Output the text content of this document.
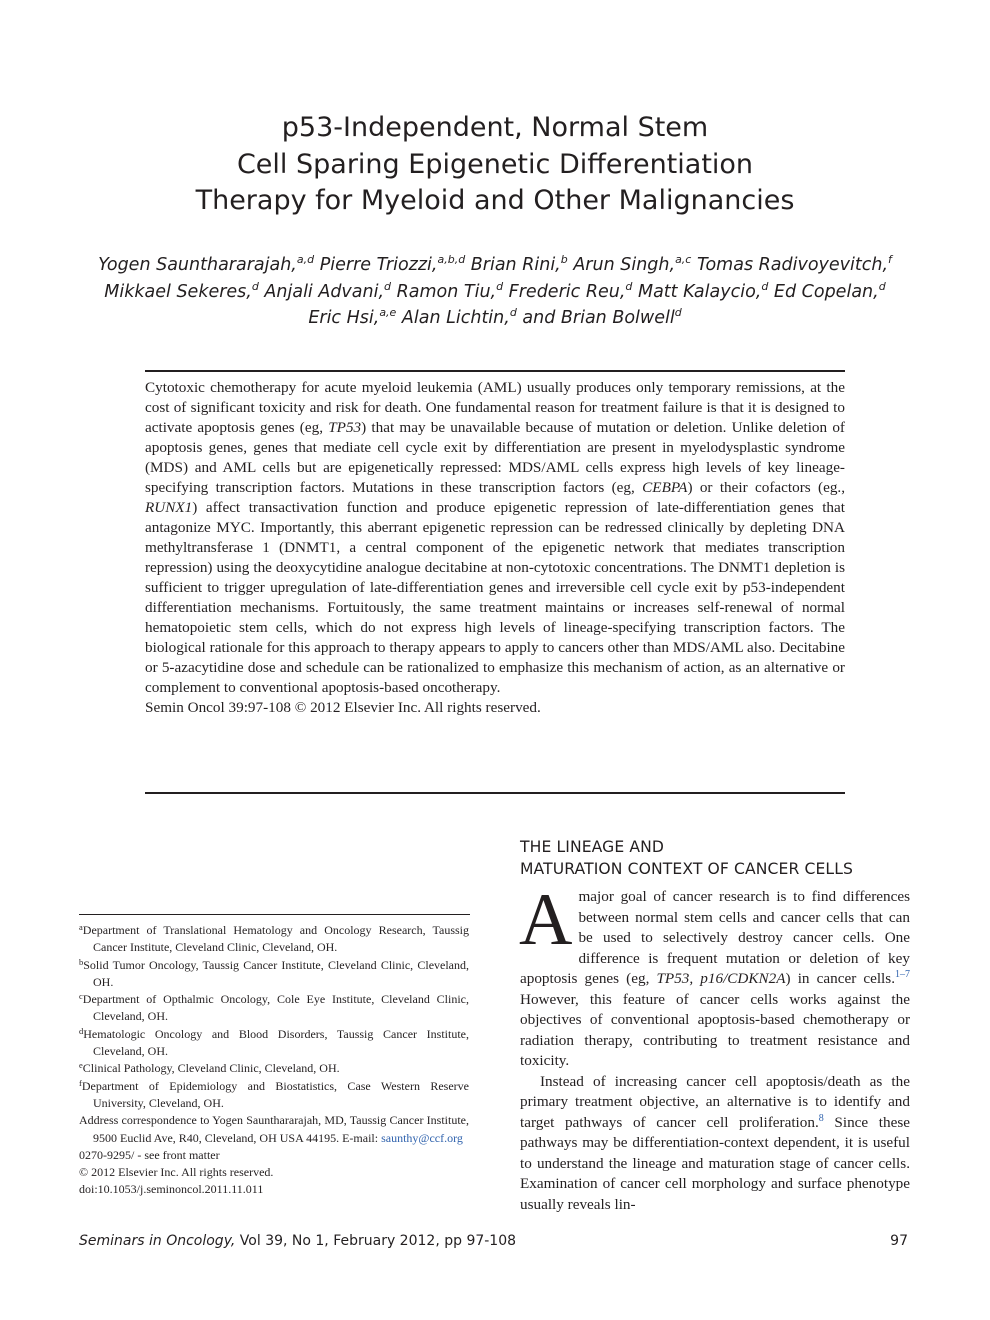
p53-Independent, Normal Stem
Cell Sparing Epigenetic Differentiation
Therapy for Myeloid and Other Malignancies
Yogen Saunthararajah,$^{a,d}$ Pierre Triozzi,$^{a,b,d}$ Brian Rini,$^b$ Arun Singh,$^{a,c}$ Tomas Radivoyevitch,$^f$
Mikkael Sekeres,$^d$ Anjali Advani,$^d$ Ramon Tiu,$^d$ Frederic Reu,$^d$ Matt Kalaycio,$^d$ Ed Copelan,$^d$
Eric Hsi,$^{a,e}$ Alan Lichtin,$^d$ and Brian Bolwell$^d$

Cytotoxic chemotherapy for acute myeloid leukemia (AML) usually produces only temporary remissions, at the cost of significant toxicity and risk for death. One fundamental reason for treatment failure is that it is designed to activate apoptosis genes (eg, TP53) that may be unavailable because of mutation or deletion. Unlike deletion of apoptosis genes, genes that mediate cell cycle exit by differentiation are present in myelodysplastic syndrome (MDS) and AML cells but are epigenetically repressed: MDS/AML cells express high levels of key lineage-specifying transcription factors. Mutations in these transcription factors (eg, CEBPA) or their cofactors (eg., RUNX1) affect transactivation function and produce epigenetic repression of late-differentiation genes that antagonize MYC. Importantly, this aberrant epigenetic repression can be redressed clinically by depleting DNA methyltransferase 1 (DNMT1, a central component of the epigenetic network that mediates transcription repression) using the deoxycytidine analogue decitabine at non-cytotoxic concentrations. The DNMT1 depletion is sufficient to trigger upregulation of late-differentiation genes and irreversible cell cycle exit by p53-independent differentiation mechanisms. Fortuitously, the same treatment maintains or increases self-renewal of normal hematopoietic stem cells, which do not express high levels of lineage-specifying transcription factors. The biological rationale for this approach to therapy appears to apply to cancers other than MDS/AML also. Decitabine or 5-azacytidine dose and schedule can be rationalized to emphasize this mechanism of action, as an alternative or complement to conventional apoptosis-based oncotherapy.

Semin Oncol 39:97-108 © 2012 Elsevier Inc. All rights reserved.

$^a$Department of Translational Hematology and Oncology Research, Taussig Cancer Institute, Cleveland Clinic, Cleveland, OH.
$^b$Solid Tumor Oncology, Taussig Cancer Institute, Cleveland Clinic, Cleveland, OH.
$^c$Department of Opthalmic Oncology, Cole Eye Institute, Cleveland Clinic, Cleveland, OH.
$^d$Hematologic Oncology and Blood Disorders, Taussig Cancer Institute, Cleveland, OH.
$^e$Clinical Pathology, Cleveland Clinic, Cleveland, OH.
$^f$Department of Epidemiology and Biostatistics, Case Western Reserve University, Cleveland, OH.
Address correspondence to Yogen Saunthararajah, MD, Taussig Cancer Institute, 9500 Euclid Ave, R40, Cleveland, OH USA 44195. E-mail: saunthy@ccf.org
0270-9295/ - see front matter
© 2012 Elsevier Inc. All rights reserved.
doi:10.1053/j.seminoncol.2011.11.011
THE LINEAGE AND
MATURATION CONTEXT OF CANCER CELLS

A major goal of cancer research is to find differences between normal stem cells and cancer cells that can be used to selectively destroy cancer cells. One difference is frequent mutation or deletion of key apoptosis genes (eg, TP53, p16/CDKN2A) in cancer cells.$^{1-7}$ However, this feature of cancer cells works against the objectives of conventional apoptosis-based chemotherapy or radiation therapy, contributing to treatment resistance and toxicity.

Instead of increasing cancer cell apoptosis/death as the primary treatment objective, an alternative is to identify and target pathways of cancer cell proliferation.$^8$ Since these pathways may be differentiation-context dependent, it is useful to understand the lineage and maturation stage of cancer cells. Examination of cancer cell morphology and surface phenotype usually reveals lin-

Seminars in Oncology, Vol 39, No 1, February 2012, pp 97-108	97
